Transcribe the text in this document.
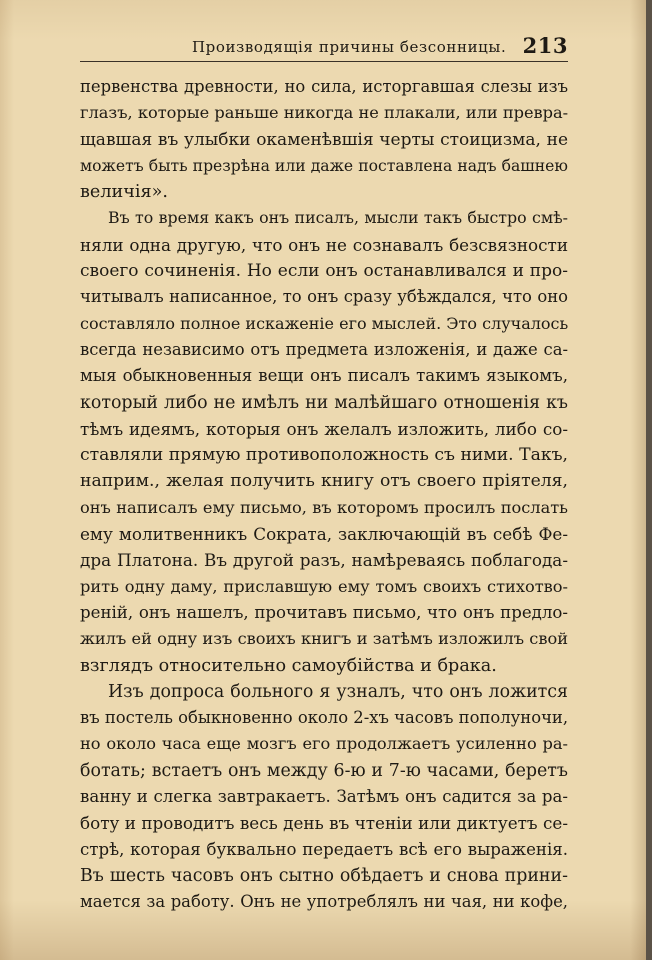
Производящія причины безсонницы. 213
первенства древности, но сила, исторгавшая слезы изъ
глазъ, которые раньше никогда не плакали, или превра-
щавшая въ улыбки окаменѣвшія черты стоицизма, не
можетъ быть презрѣна или даже поставлена надъ башнею
величія».
Въ то время какъ онъ писалъ, мысли такъ быстро смѣ-
няли одна другую, что онъ не сознавалъ безсвязности
своего сочиненія. Но если онъ останавливался и про-
читывалъ написанное, то онъ сразу убѣждался, что оно
составляло полное искаженіе его мыслей. Это случалось
всегда независимо отъ предмета изложенія, и даже са-
мыя обыкновенныя вещи онъ писалъ такимъ языкомъ,
который либо не имѣлъ ни малѣйшаго отношенія къ
тѣмъ идеямъ, которыя онъ желалъ изложить, либо со-
ставляли прямую противоположность съ ними. Такъ,
наприм., желая получить книгу отъ своего пріятеля,
онъ написалъ ему письмо, въ которомъ просилъ послать
ему молитвенникъ Сократа, заключающій въ себѣ Фе-
дра Платона. Въ другой разъ, намѣреваясь поблагода-
рить одну даму, приславшую ему томъ своихъ стихотво-
реній, онъ нашелъ, прочитавъ письмо, что онъ предло-
жилъ ей одну изъ своихъ книгъ и затѣмъ изложилъ свой
взглядъ относительно самоубійства и брака.
Изъ допроса больного я узналъ, что онъ ложится
въ постель обыкновенно около 2-хъ часовъ пополуночи,
но около часа еще мозгъ его продолжаетъ усиленно ра-
ботать; встаетъ онъ между 6-ю и 7-ю часами, беретъ
ванну и слегка завтракаетъ. Затѣмъ онъ садится за ра-
боту и проводитъ весь день въ чтеніи или диктуетъ се-
стрѣ, которая буквально передаетъ всѣ его выраженія.
Въ шесть часовъ онъ сытно обѣдаетъ и снова прини-
мается за работу. Онъ не употреблялъ ни чая, ни кофе,
